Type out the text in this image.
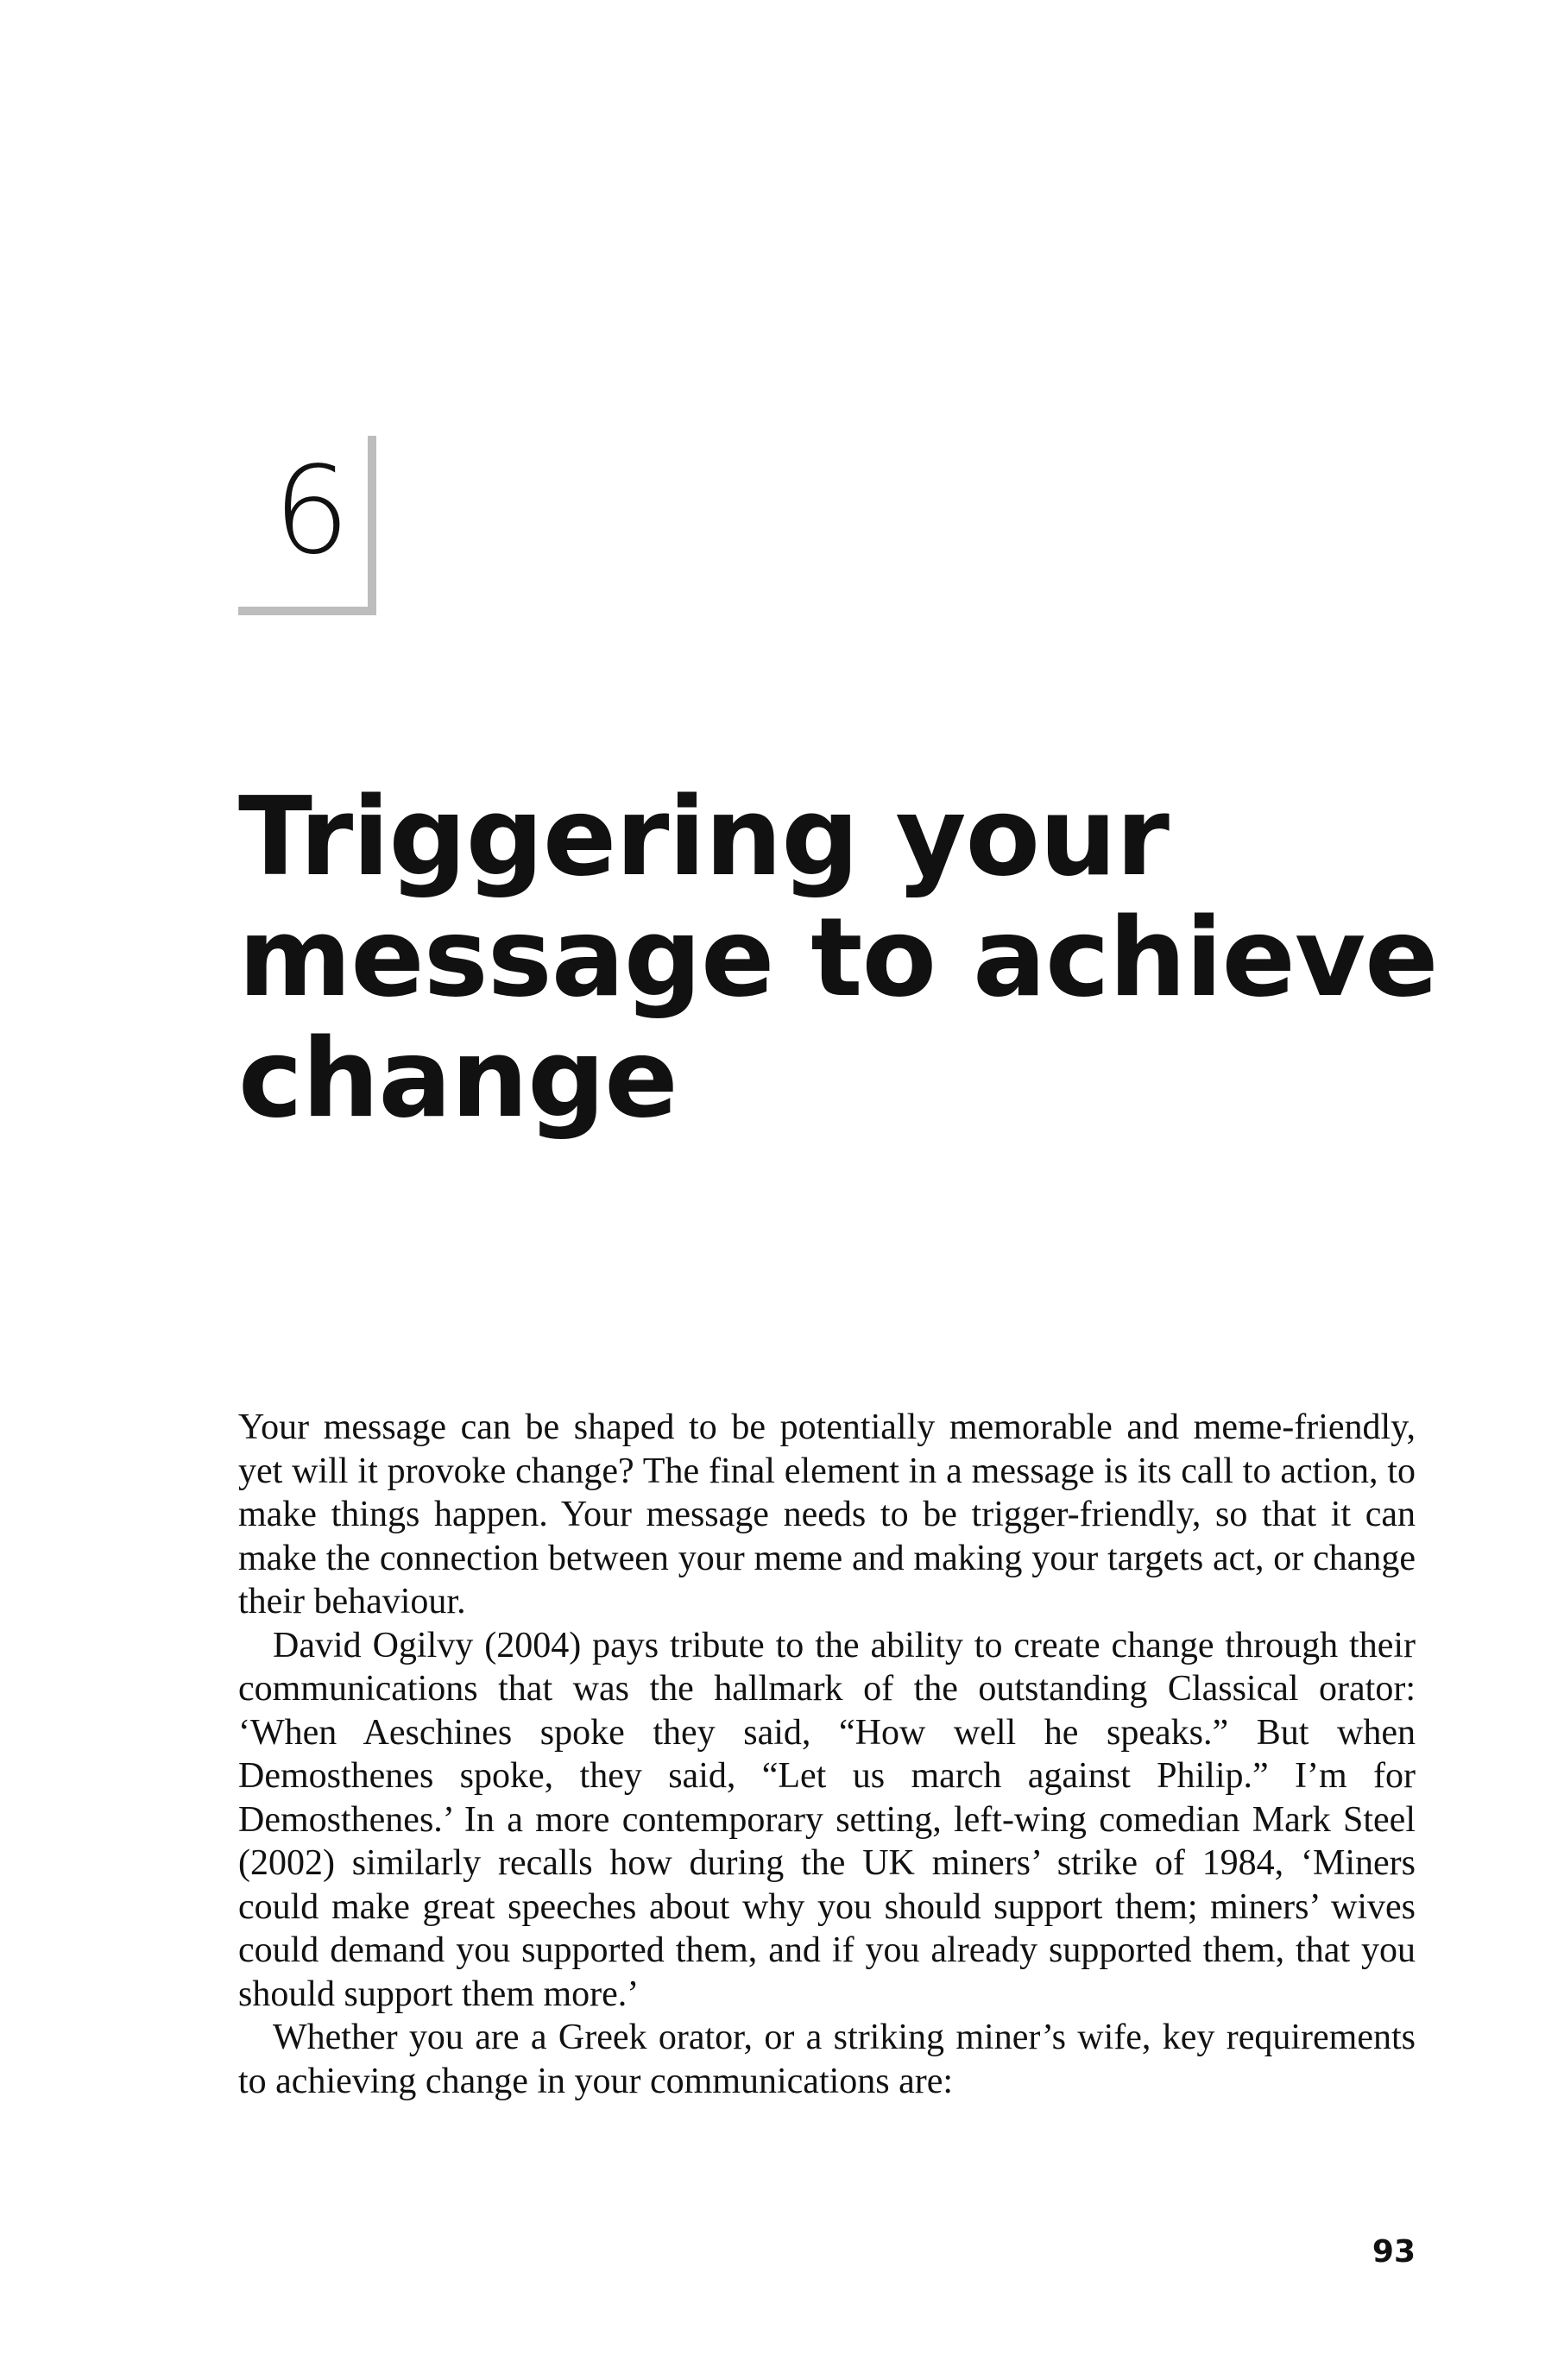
6
Triggering your
message to achieve
change

Your message can be shaped to be potentially memorable and meme-friendly, yet will it provoke change? The final element in a message is its call to action, to make things happen. Your message needs to be trigger-friendly, so that it can make the connection between your meme and making your targets act, or change their behaviour.

David Ogilvy (2004) pays tribute to the ability to create change through their communications that was the hallmark of the outstanding Classical orator: ‘When Aeschines spoke they said, “How well he speaks.” But when Demosthenes spoke, they said, “Let us march against Philip.” I’m for Demosthenes.’ In a more contemporary setting, left-wing comedian Mark Steel (2002) similarly recalls how during the UK miners’ strike of 1984, ‘Miners could make great speeches about why you should support them; miners’ wives could demand you supported them, and if you already supported them, that you should support them more.’

Whether you are a Greek orator, or a striking miner’s wife, key requirements to achieving change in your communications are:

93
